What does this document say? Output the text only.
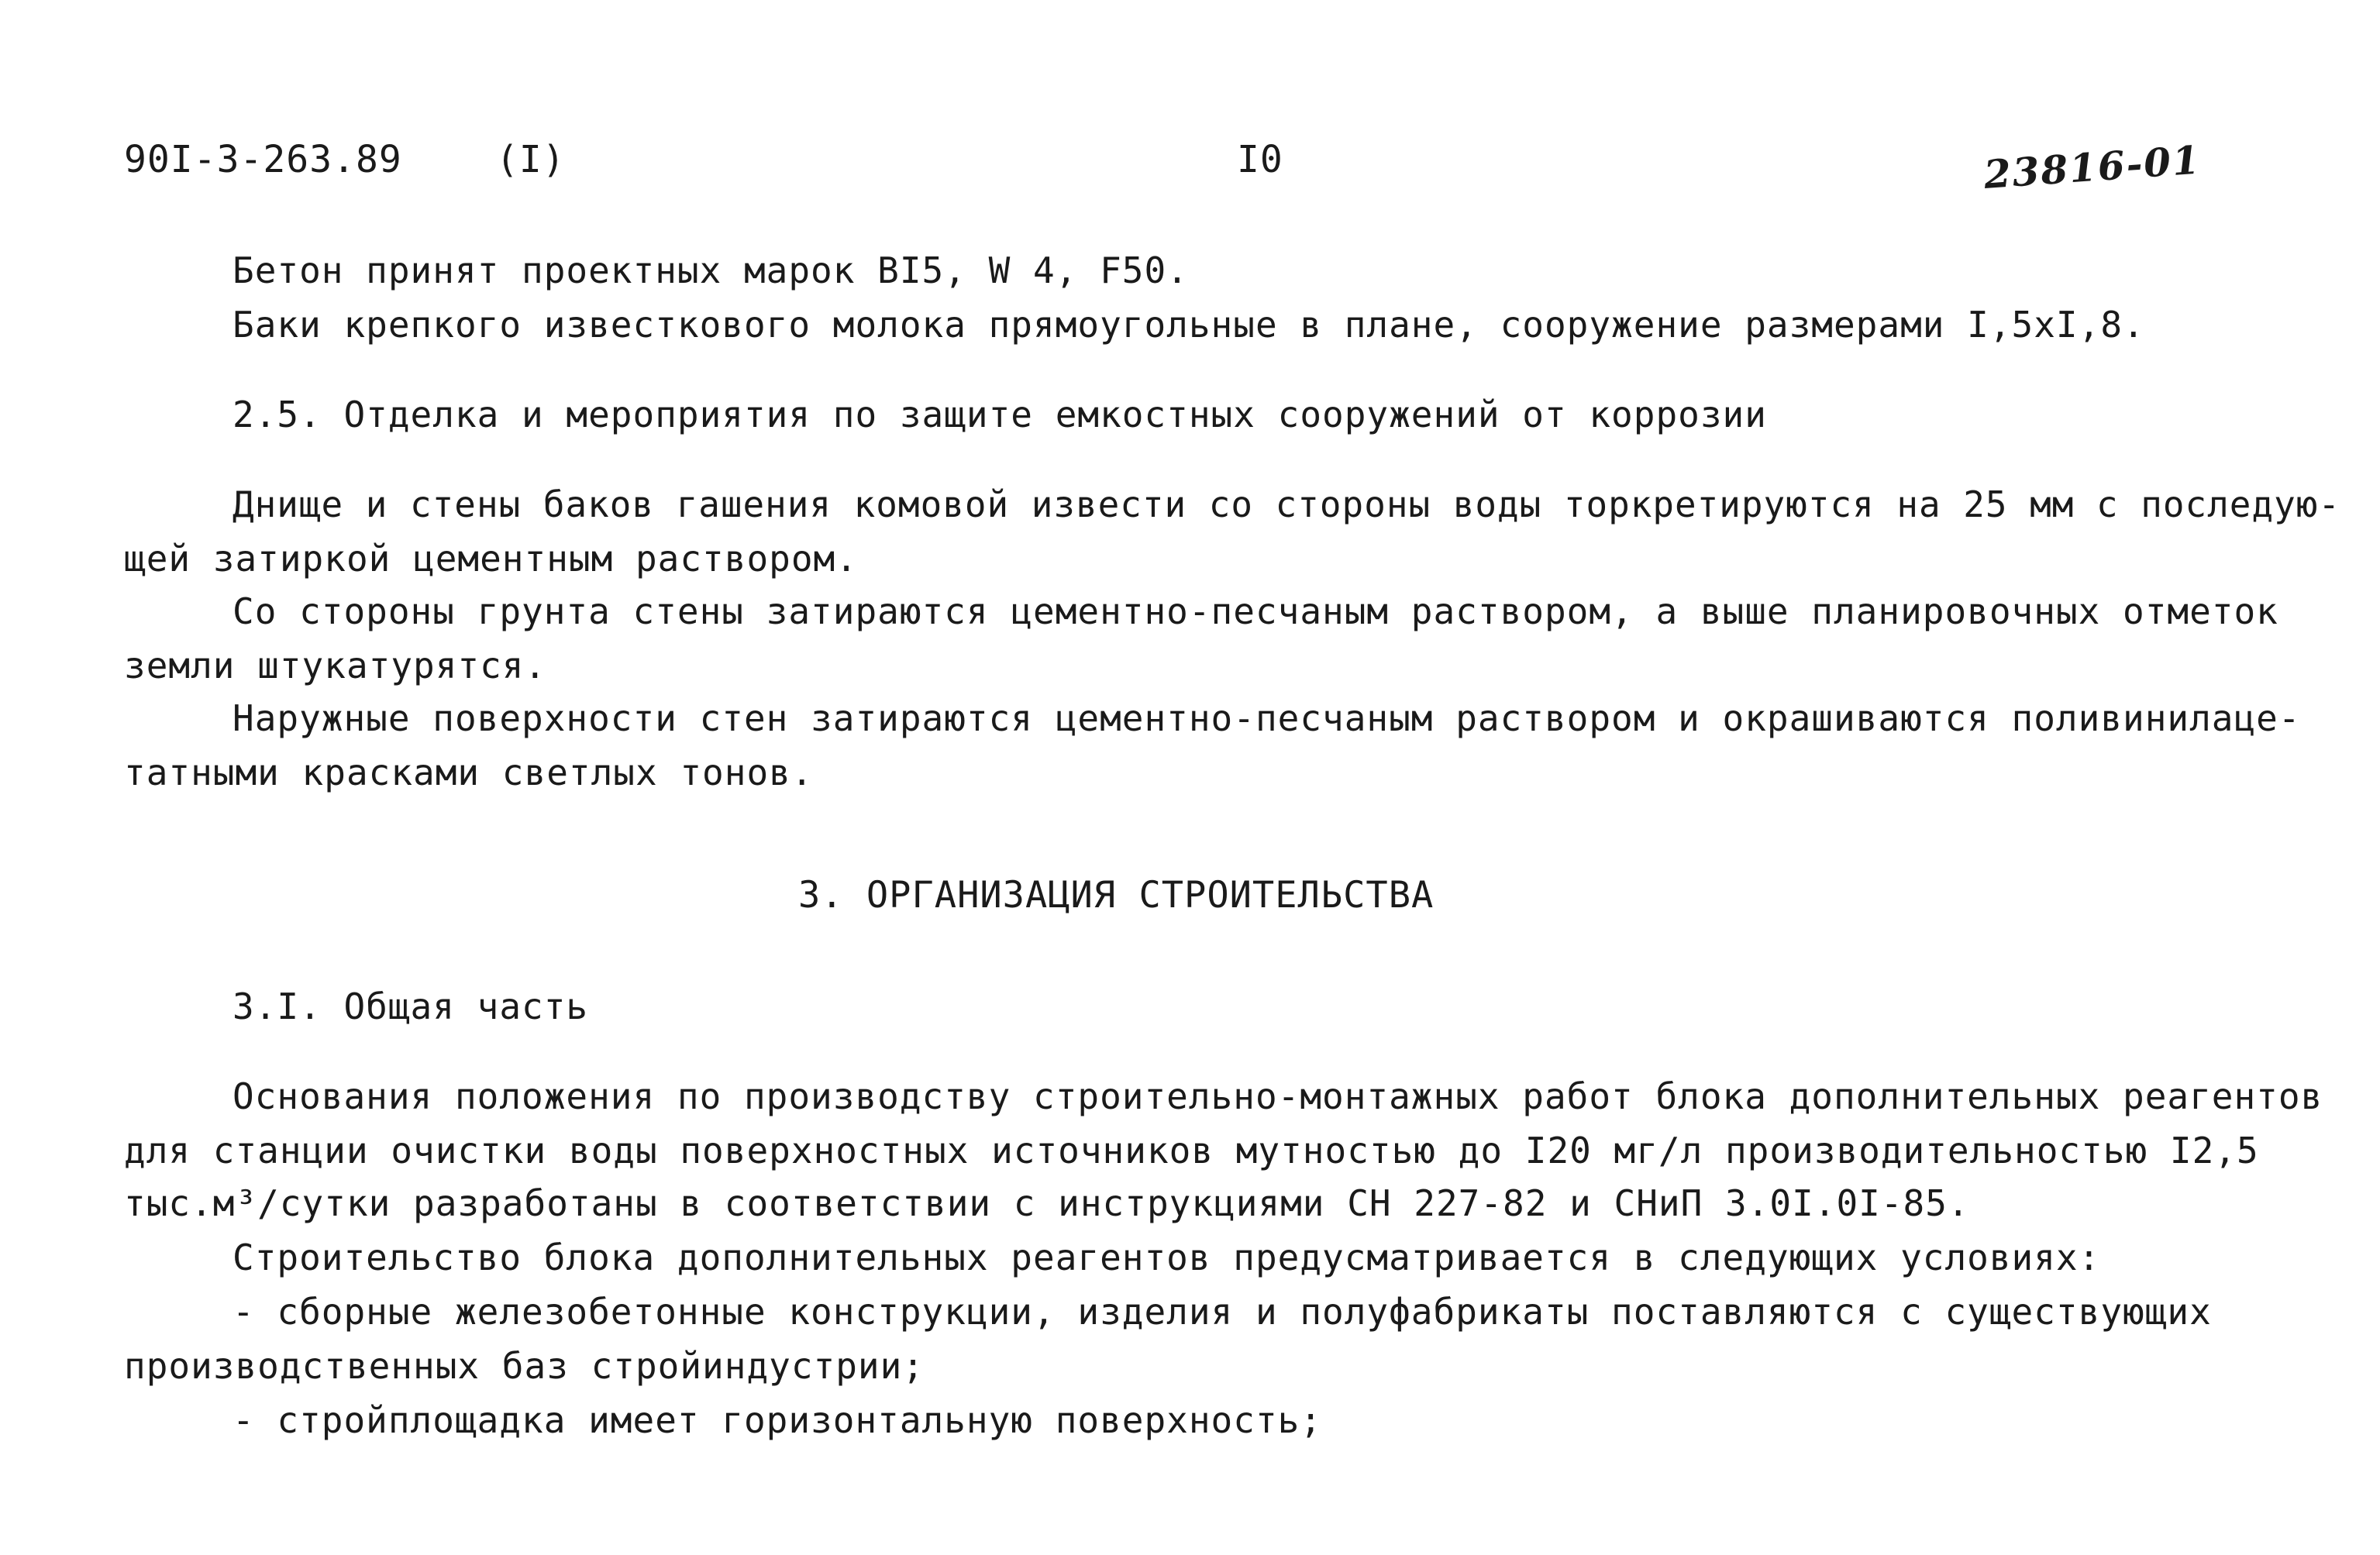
90I-3-263.89	(I)	I0	23816-01
Бетон принят проектных марок BI5, W 4, F50.
Баки крепкого известкового молока прямоугольные в плане, сооружение размерами I,5хI,8.
2.5. Отделка и мероприятия по защите емкостных сооружений от коррозии
Днище и стены баков гашения комовой извести со стороны воды торкретируются на 25 мм с последую-
щей затиркой цементным раствором.
Со стороны грунта стены затираются цементно-песчаным раствором, а выше планировочных отметок
земли штукатурятся.
Наружные поверхности стен затираются цементно-песчаным раствором и окрашиваются поливинилаце-
татными красками светлых тонов.
3. ОРГАНИЗАЦИЯ СТРОИТЕЛЬСТВА
3.I. Общая часть
Основания положения по производству строительно-монтажных работ блока дополнительных реагентов
для станции очистки воды поверхностных источников мутностью до I20 мг/л производительностью I2,5
тыс.м³/сутки разработаны в соответствии с инструкциями СН 227-82 и СНиП 3.0I.0I-85.
Строительство блока дополнительных реагентов предусматривается в следующих условиях:
- сборные железобетонные конструкции, изделия и полуфабрикаты поставляются с существующих
производственных баз стройиндустрии;
- стройплощадка имеет горизонтальную поверхность;
